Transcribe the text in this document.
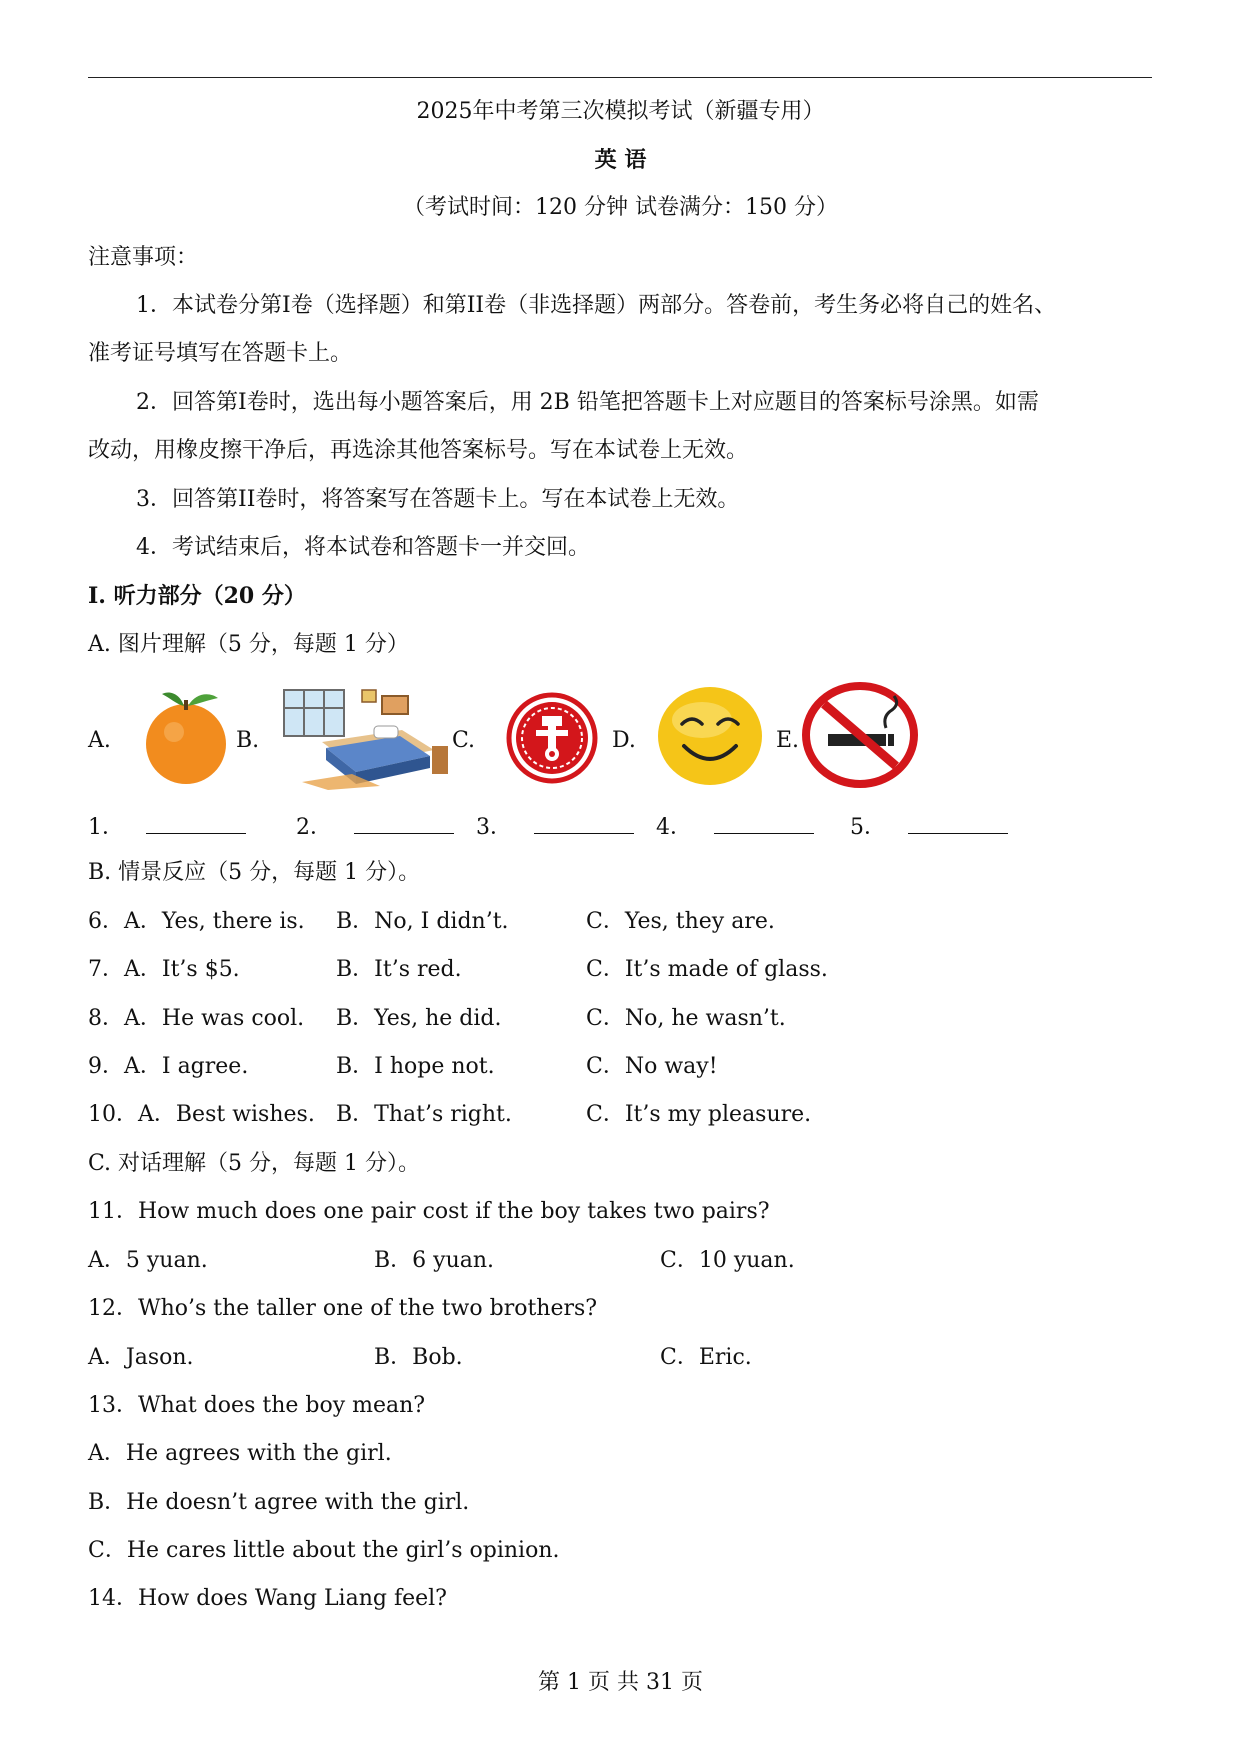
2025年中考第三次模拟考试（新疆专用）
英 语
（考试时间：120 分钟 试卷满分：150 分）
注意事项：
1．本试卷分第I卷（选择题）和第II卷（非选择题）两部分。答卷前，考生务必将自己的姓名、
准考证号填写在答题卡上。
2．回答第I卷时，选出每小题答案后，用 2B 铅笔把答题卡上对应题目的答案标号涂黑。如需
改动，用橡皮擦干净后，再选涂其他答案标号。写在本试卷上无效。
3．回答第II卷时，将答案写在答题卡上。写在本试卷上无效。
4．考试结束后，将本试卷和答题卡一并交回。
I. 听力部分（20 分）
A. 图片理解（5 分，每题 1 分）
A.	B.	C.	D.	E.
1．	2．	3．	4．	5．
B. 情景反应（5 分，每题 1 分）。
6．A．Yes, there is. B．No, I didn’t.	C．Yes, they are.
7．A．It’s $5.	B．It’s red.	C．It’s made of glass.
8．A．He was cool. B．Yes, he did.	C．No, he wasn’t.
9．A．I agree.	B．I hope not.	C．No way!
10．A．Best wishes. B．That’s right.	C．It’s my pleasure.
C. 对话理解（5 分，每题 1 分）。
11．How much does one pair cost if the boy takes two pairs?
A．5 yuan.	B．6 yuan.	C．10 yuan.
12．Who’s the taller one of the two brothers?
A．Jason.	B．Bob.	C．Eric.
13．What does the boy mean?
A．He agrees with the girl.
B．He doesn’t agree with the girl.
C．He cares little about the girl’s opinion.
14．How does Wang Liang feel?
第 1 页 共 31 页
